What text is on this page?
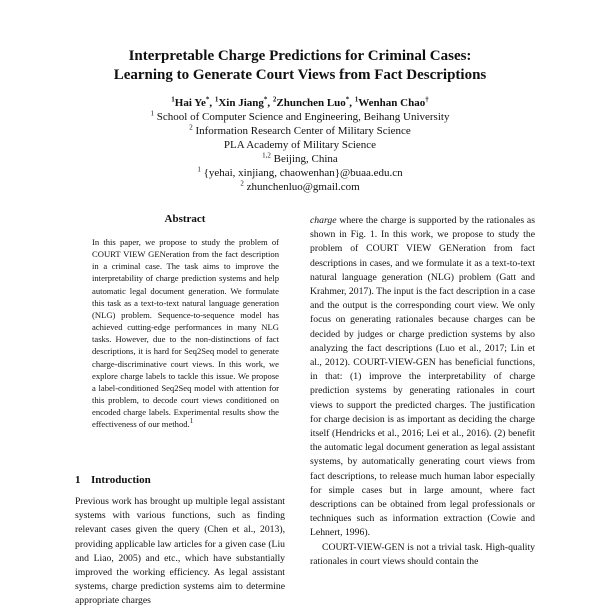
Interpretable Charge Predictions for Criminal Cases:
Learning to Generate Court Views from Fact Descriptions
$^1$Hai Ye*, $^1$Xin Jiang*, $^2$Zhunchen Luo*, $^1$Wenhan Chao†
$^1$ School of Computer Science and Engineering, Beihang University
$^2$ Information Research Center of Military Science
PLA Academy of Military Science
$^{1,2}$ Beijing, China
$^1$ {yehai, xinjiang, chaowenhan}@buaa.edu.cn
$^2$ zhunchenluo@gmail.com
Abstract
In this paper, we propose to study the problem of COURT VIEW GENeration from the fact description in a criminal case. The task aims to improve the interpretability of charge prediction systems and help automatic legal document generation. We formulate this task as a text-to-text natural language generation (NLG) problem. Sequence-to-sequence model has achieved cutting-edge performances in many NLG tasks. However, due to the non-distinctions of fact descriptions, it is hard for Seq2Seq model to generate charge-discriminative court views. In this work, we explore charge labels to tackle this issue. We propose a label-conditioned Seq2Seq model with attention for this problem, to decode court views conditioned on encoded charge labels. Experimental results show the effectiveness of our method.$^1$
1 Introduction
Previous work has brought up multiple legal assistant systems with various functions, such as finding relevant cases given the query (Chen et al., 2013), providing applicable law articles for a given case (Liu and Liao, 2005) and etc., which have substantially improved the working efficiency. As legal assistant systems, charge prediction systems aim to determine appropriate charges

charge where the charge is supported by the rationales as shown in Fig. 1. In this work, we propose to study the problem of COURT VIEW GENeration from fact descriptions in cases, and we formulate it as a text-to-text natural language generation (NLG) problem (Gatt and Krahmer, 2017). The input is the fact description in a case and the output is the corresponding court view. We only focus on generating rationales because charges can be decided by judges or charge prediction systems by also analyzing the fact descriptions (Luo et al., 2017; Lin et al., 2012). COURT-VIEW-GEN has beneficial functions, in that: (1) improve the interpretability of charge prediction systems by generating rationales in court views to support the predicted charges. The justification for charge decision is as important as deciding the charge itself (Hendricks et al., 2016; Lei et al., 2016). (2) benefit the automatic legal document generation as legal assistant systems, by automatically generating court views from fact descriptions, to release much human labor especially for simple cases but in large amount, where fact descriptions can be obtained from legal professionals or techniques such as information extraction (Cowie and Lehnert, 1996).

COURT-VIEW-GEN is not a trivial task. High-quality rationales in court views should contain the
